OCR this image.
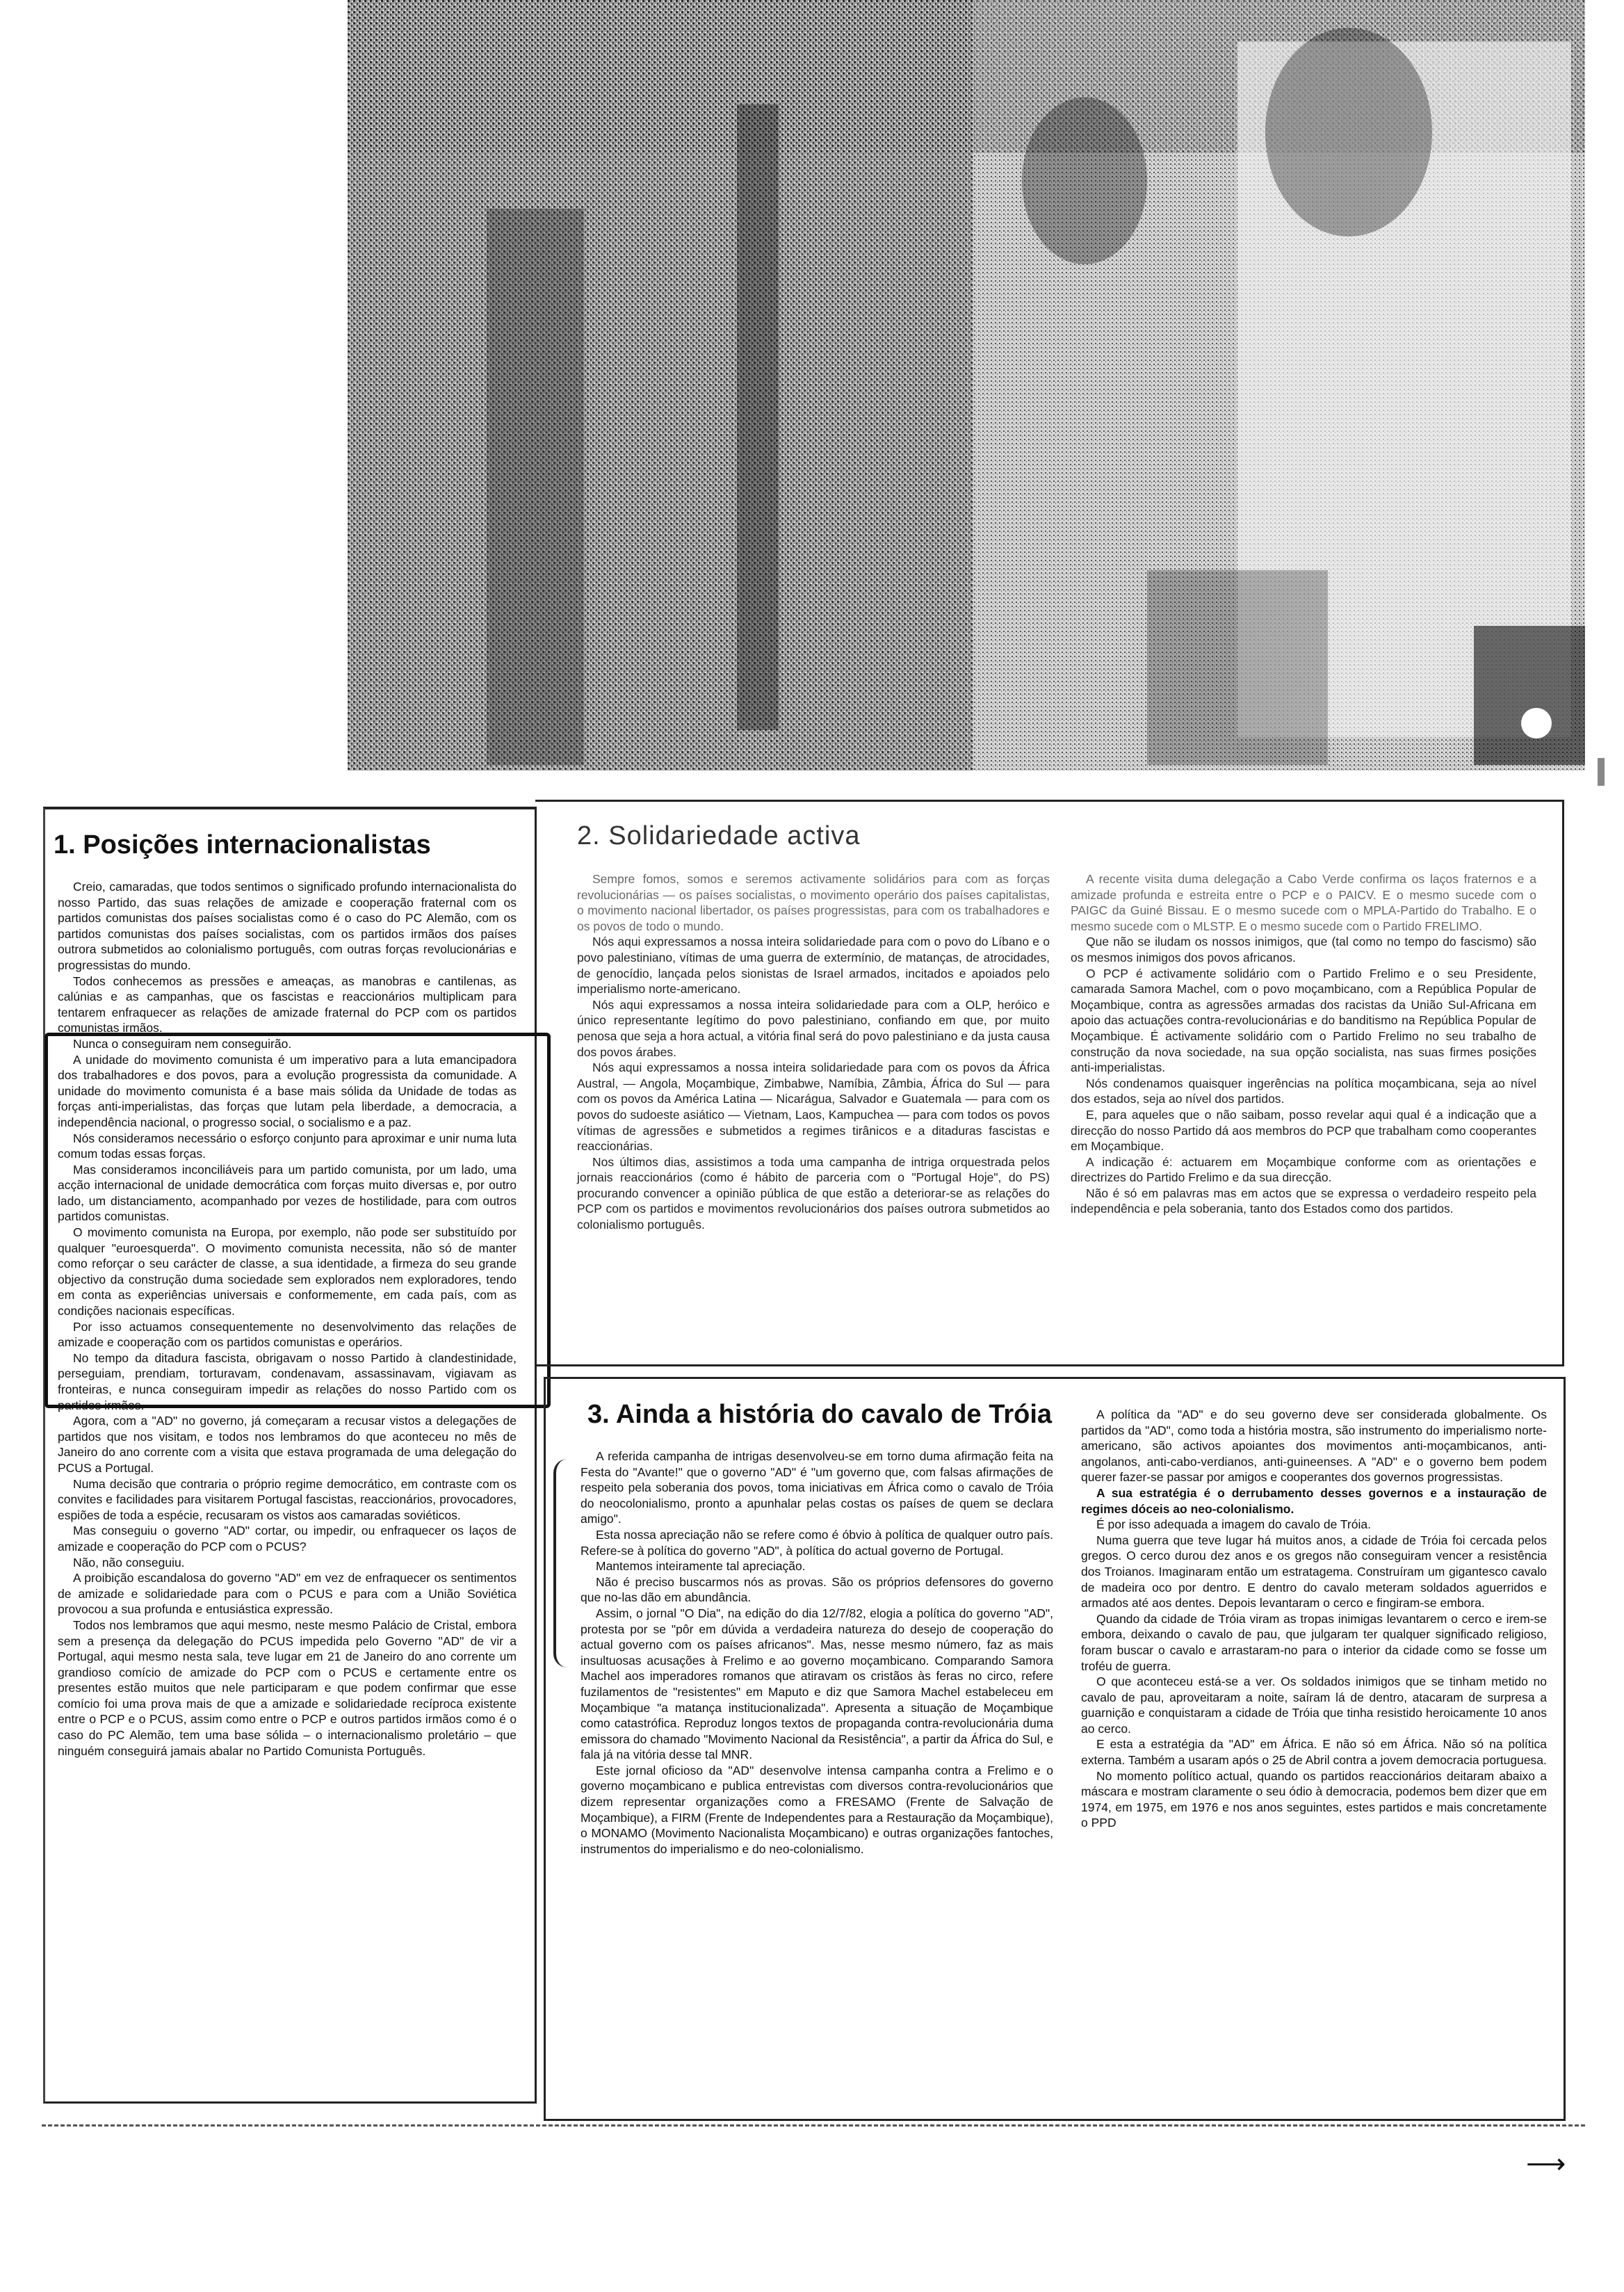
1. Posições internacionalistas

Creio, camaradas, que todos sentimos o significado profundo internacionalista do nosso Partido, das suas relações de amizade e cooperação fraternal com os partidos comunistas dos países socialistas como é o caso do PC Alemão, com os partidos comunistas dos países socialistas, com os partidos irmãos dos países outrora submetidos ao colonialismo português, com outras forças revolucionárias e progressistas do mundo.

Todos conhecemos as pressões e ameaças, as manobras e cantilenas, as calúnias e as campanhas, que os fascistas e reaccionários multiplicam para tentarem enfraquecer as relações de amizade fraternal do PCP com os partidos comunistas irmãos.

Nunca o conseguiram nem conseguirão.

A unidade do movimento comunista é um imperativo para a luta emancipadora dos trabalhadores e dos povos, para a evolução progressista da comunidade. A unidade do movimento comunista é a base mais sólida da Unidade de todas as forças anti-imperialistas, das forças que lutam pela liberdade, a democracia, a independência nacional, o progresso social, o socialismo e a paz.

Nós consideramos necessário o esforço conjunto para aproximar e unir numa luta comum todas essas forças.

Mas consideramos inconciliáveis para um partido comunista, por um lado, uma acção internacional de unidade democrática com forças muito diversas e, por outro lado, um distanciamento, acompanhado por vezes de hostilidade, para com outros partidos comunistas.

O movimento comunista na Europa, por exemplo, não pode ser substituído por qualquer "euroesquerda". O movimento comunista necessita, não só de manter como reforçar o seu carácter de classe, a sua identidade, a firmeza do seu grande objectivo da construção duma sociedade sem explorados nem exploradores, tendo em conta as experiências universais e conformemente, em cada país, com as condições nacionais específicas.

Por isso actuamos consequentemente no desenvolvimento das relações de amizade e cooperação com os partidos comunistas e operários.

No tempo da ditadura fascista, obrigavam o nosso Partido à clandestinidade, perseguiam, prendiam, torturavam, condenavam, assassinavam, vigiavam as fronteiras, e nunca conseguiram impedir as relações do nosso Partido com os partidos irmãos.

Agora, com a "AD" no governo, já começaram a recusar vistos a delegações de partidos que nos visitam, e todos nos lembramos do que aconteceu no mês de Janeiro do ano corrente com a visita que estava programada de uma delegação do PCUS a Portugal.

Numa decisão que contraria o próprio regime democrático, em contraste com os convites e facilidades para visitarem Portugal fascistas, reaccionários, provocadores, espiões de toda a espécie, recusaram os vistos aos camaradas soviéticos.

Mas conseguiu o governo "AD" cortar, ou impedir, ou enfraquecer os laços de amizade e cooperação do PCP com o PCUS?

Não, não conseguiu.

A proibição escandalosa do governo "AD" em vez de enfraquecer os sentimentos de amizade e solidariedade para com o PCUS e para com a União Soviética provocou a sua profunda e entusiástica expressão.

Todos nos lembramos que aqui mesmo, neste mesmo Palácio de Cristal, embora sem a presença da delegação do PCUS impedida pelo Governo "AD" de vir a Portugal, aqui mesmo nesta sala, teve lugar em 21 de Janeiro do ano corrente um grandioso comício de amizade do PCP com o PCUS e certamente entre os presentes estão muitos que nele participaram e que podem confirmar que esse comício foi uma prova mais de que a amizade e solidariedade recíproca existente entre o PCP e o PCUS, assim como entre o PCP e outros partidos irmãos como é o caso do PC Alemão, tem uma base sólida – o internacionalismo proletário – que ninguém conseguirá jamais abalar no Partido Comunista Português.

2. Solidariedade activa

Sempre fomos, somos e seremos activamente solidários para com as forças revolucionárias — os países socialistas, o movimento operário dos países capitalistas, o movimento nacional libertador, os países progressistas, para com os trabalhadores e os povos de todo o mundo.

Nós aqui expressamos a nossa inteira solidariedade para com o povo do Líbano e o povo palestiniano, vítimas de uma guerra de extermínio, de matanças, de atrocidades, de genocídio, lançada pelos sionistas de Israel armados, incitados e apoiados pelo imperialismo norte-americano.

Nós aqui expressamos a nossa inteira solidariedade para com a OLP, heróico e único representante legítimo do povo palestiniano, confiando em que, por muito penosa que seja a hora actual, a vitória final será do povo palestiniano e da justa causa dos povos árabes.

Nós aqui expressamos a nossa inteira solidariedade para com os povos da África Austral, — Angola, Moçambique, Zimbabwe, Namíbia, Zâmbia, África do Sul — para com os povos da América Latina — Nicarágua, Salvador e Guatemala — para com os povos do sudoeste asiático — Vietnam, Laos, Kampuchea — para com todos os povos vítimas de agressões e submetidos a regimes tirânicos e a ditaduras fascistas e reaccionárias.

Nos últimos dias, assistimos a toda uma campanha de intriga orquestrada pelos jornais reaccionários (como é hábito de parceria com o "Portugal Hoje", do PS) procurando convencer a opinião pública de que estão a deteriorar-se as relações do PCP com os partidos e movimentos revolucionários dos países outrora submetidos ao colonialismo português.

A recente visita duma delegação a Cabo Verde confirma os laços fraternos e a amizade profunda e estreita entre o PCP e o PAICV. E o mesmo sucede com o PAIGC da Guiné Bissau. E o mesmo sucede com o MPLA-Partido do Trabalho. E o mesmo sucede com o MLSTP. E o mesmo sucede com o Partido FRELIMO.

Que não se iludam os nossos inimigos, que (tal como no tempo do fascismo) são os mesmos inimigos dos povos africanos.

O PCP é activamente solidário com o Partido Frelimo e o seu Presidente, camarada Samora Machel, com o povo moçambicano, com a República Popular de Moçambique, contra as agressões armadas dos racistas da União Sul-Africana em apoio das actuações contra-revolucionárias e do banditismo na República Popular de Moçambique. É activamente solidário com o Partido Frelimo no seu trabalho de construção da nova sociedade, na sua opção socialista, nas suas firmes posições anti-imperialistas.

Nós condenamos quaisquer ingerências na política moçambicana, seja ao nível dos estados, seja ao nível dos partidos.

E, para aqueles que o não saibam, posso revelar aqui qual é a indicação que a direcção do nosso Partido dá aos membros do PCP que trabalham como cooperantes em Moçambique.

A indicação é: actuarem em Moçambique conforme com as orientações e directrizes do Partido Frelimo e da sua direcção.

Não é só em palavras mas em actos que se expressa o verdadeiro respeito pela independência e pela soberania, tanto dos Estados como dos partidos.

3. Ainda a história do cavalo de Tróia

A referida campanha de intrigas desenvolveu-se em torno duma afirmação feita na Festa do "Avante!" que o governo "AD" é "um governo que, com falsas afirmações de respeito pela soberania dos povos, toma iniciativas em África como o cavalo de Tróia do neocolonialismo, pronto a apunhalar pelas costas os países de quem se declara amigo".

Esta nossa apreciação não se refere como é óbvio à política de qualquer outro país. Refere-se à política do governo "AD", à política do actual governo de Portugal.

Mantemos inteiramente tal apreciação.

Não é preciso buscarmos nós as provas. São os próprios defensores do governo que no-las dão em abundância.

Assim, o jornal "O Dia", na edição do dia 12/7/82, elogia a política do governo "AD", protesta por se "pôr em dúvida a verdadeira natureza do desejo de cooperação do actual governo com os países africanos". Mas, nesse mesmo número, faz as mais insultuosas acusações à Frelimo e ao governo moçambicano. Comparando Samora Machel aos imperadores romanos que atiravam os cristãos às feras no circo, refere fuzilamentos de "resistentes" em Maputo e diz que Samora Machel estabeleceu em Moçambique "a matança institucionalizada". Apresenta a situação de Moçambique como catastrófica. Reproduz longos textos de propaganda contra-revolucionária duma emissora do chamado "Movimento Nacional da Resistência", a partir da África do Sul, e fala já na vitória desse tal MNR.

Este jornal oficioso da "AD" desenvolve intensa campanha contra a Frelimo e o governo moçambicano e publica entrevistas com diversos contra-revolucionários que dizem representar organizações como a FRESAMO (Frente de Salvação de Moçambique), a FIRM (Frente de Independentes para a Restauração da Moçambique), o MONAMO (Movimento Nacionalista Moçambicano) e outras organizações fantoches, instrumentos do imperialismo e do neo-colonialismo.

A política da "AD" e do seu governo deve ser considerada globalmente. Os partidos da "AD", como toda a história mostra, são instrumento do imperialismo norte-americano, são activos apoiantes dos movimentos anti-moçambicanos, anti-angolanos, anti-cabo-verdianos, anti-guineenses. A "AD" e o governo bem podem querer fazer-se passar por amigos e cooperantes dos governos progressistas.

A sua estratégia é o derrubamento desses governos e a instauração de regimes dóceis ao neo-colonialismo.

É por isso adequada a imagem do cavalo de Tróia.

Numa guerra que teve lugar há muitos anos, a cidade de Tróia foi cercada pelos gregos. O cerco durou dez anos e os gregos não conseguiram vencer a resistência dos Troianos. Imaginaram então um estratagema. Construíram um gigantesco cavalo de madeira oco por dentro. E dentro do cavalo meteram soldados aguerridos e armados até aos dentes. Depois levantaram o cerco e fingiram-se embora.

Quando da cidade de Tróia viram as tropas inimigas levantarem o cerco e irem-se embora, deixando o cavalo de pau, que julgaram ter qualquer significado religioso, foram buscar o cavalo e arrastaram-no para o interior da cidade como se fosse um troféu de guerra.

O que aconteceu está-se a ver. Os soldados inimigos que se tinham metido no cavalo de pau, aproveitaram a noite, saíram lá de dentro, atacaram de surpresa a guarnição e conquistaram a cidade de Tróia que tinha resistido heroicamente 10 anos ao cerco.

E esta a estratégia da "AD" em África. E não só em África. Não só na política externa. Também a usaram após o 25 de Abril contra a jovem democracia portuguesa.

No momento político actual, quando os partidos reaccionários deitaram abaixo a máscara e mostram claramente o seu ódio à democracia, podemos bem dizer que em 1974, em 1975, em 1976 e nos anos seguintes, estes partidos e mais concretamente o PPD

⟶
